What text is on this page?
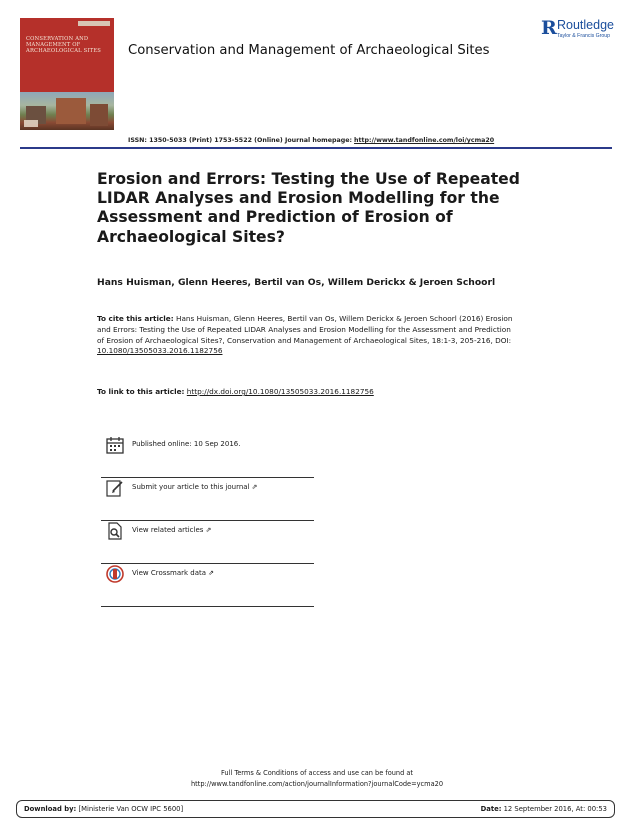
CONSERVATION AND MANAGEMENT OF ARCHAEOLOGICAL SITES
R Routledge
Taylor & Francis Group
Conservation and Management of Archaeological Sites
ISSN: 1350-5033 (Print) 1753-5522 (Online) Journal homepage: http://www.tandfonline.com/loi/ycma20
Erosion and Errors: Testing the Use of Repeated LIDAR Analyses and Erosion Modelling for the Assessment and Prediction of Erosion of Archaeological Sites?
Hans Huisman, Glenn Heeres, Bertil van Os, Willem Derickx & Jeroen Schoorl
To cite this article: Hans Huisman, Glenn Heeres, Bertil van Os, Willem Derickx & Jeroen Schoorl (2016) Erosion and Errors: Testing the Use of Repeated LIDAR Analyses and Erosion Modelling for the Assessment and Prediction of Erosion of Archaeological Sites?, Conservation and Management of Archaeological Sites, 18:1-3, 205-216, DOI: 10.1080/13505033.2016.1182756
To link to this article: http://dx.doi.org/10.1080/13505033.2016.1182756
Published online: 10 Sep 2016.
Submit your article to this journal ⇗
View related articles ⇗
View Crossmark data ⇗
Full Terms & Conditions of access and use can be found at
http://www.tandfonline.com/action/journalInformation?journalCode=ycma20
Download by: [Ministerie Van OCW IPC 5600]	Date: 12 September 2016, At: 00:53
